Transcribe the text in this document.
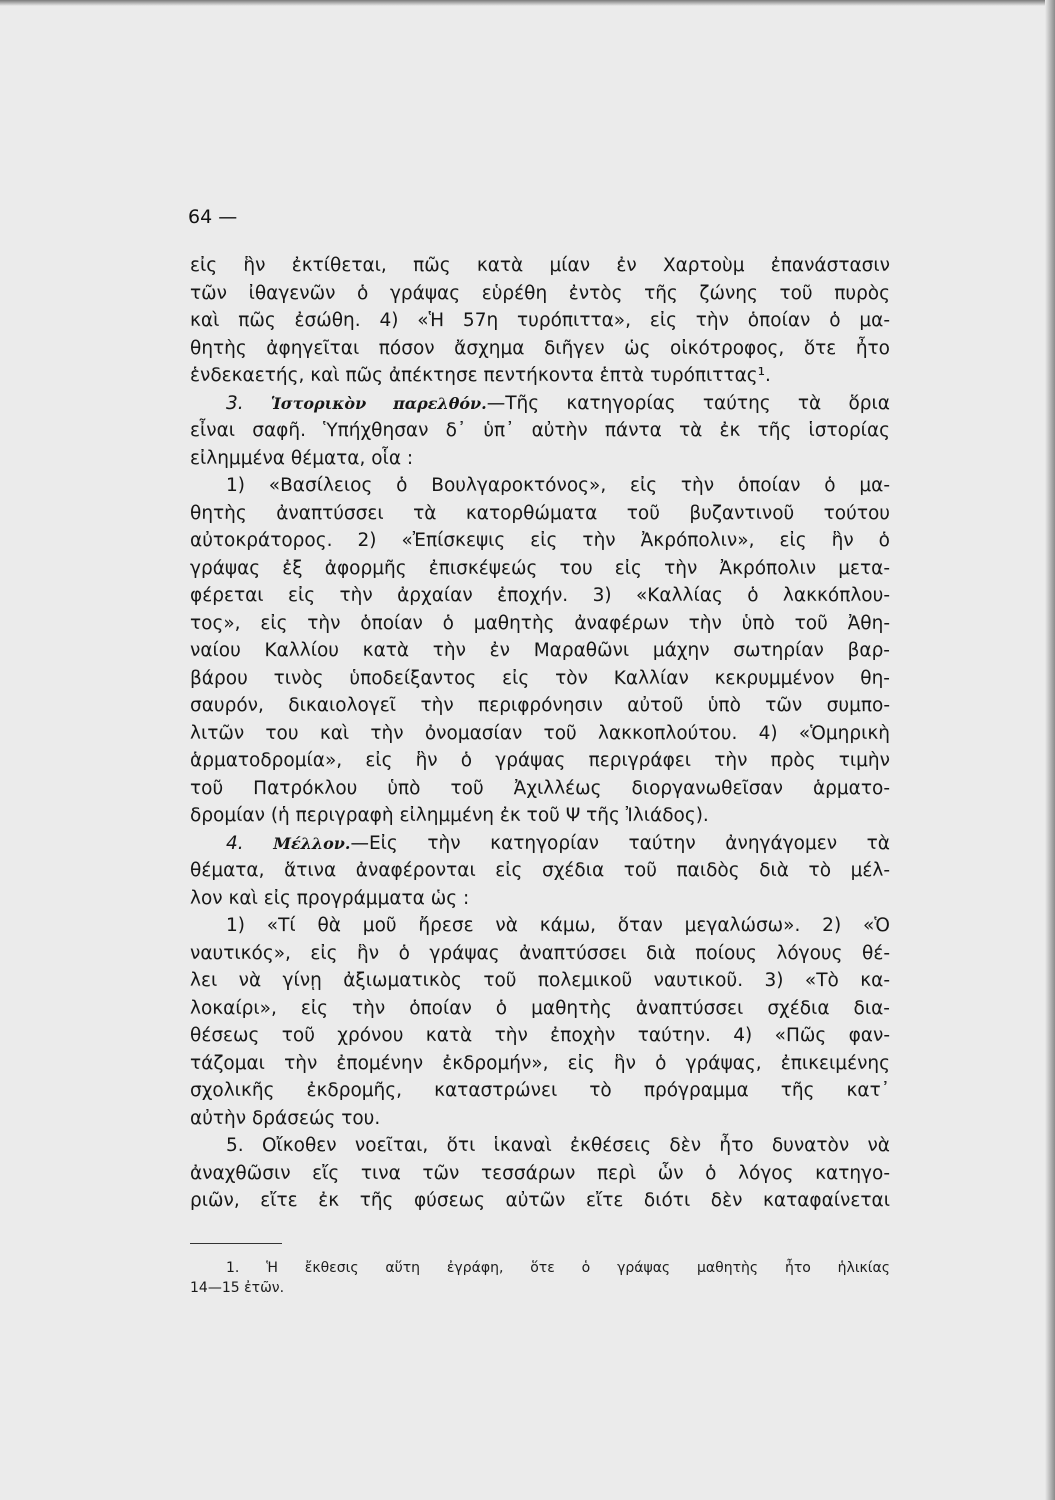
64 —
εἰς ἣν ἐκτίθεται, πῶς κατὰ μίαν ἐν Χαρτοὺμ ἐπανάστασιν
τῶν ἰθαγενῶν ὁ γράψας εὑρέθη ἐντὸς τῆς ζώνης τοῦ πυρὸς
καὶ πῶς ἐσώθη. 4) «Ἡ 57η τυρόπιττα», εἰς τὴν ὁποίαν ὁ μα-
θητὴς ἀφηγεῖται πόσον ἄσχημα διῆγεν ὡς οἰκότροφος, ὅτε ἦτο
ἑνδεκαετής, καὶ πῶς ἀπέκτησε πεντήκοντα ἑπτὰ τυρόπιττας¹.
3. Ἱστορικὸν παρελθόν.—Τῆς κατηγορίας ταύτης τὰ ὅρια
εἶναι σαφῆ. Ὑπήχθησαν δ᾽ ὑπ᾽ αὐτὴν πάντα τὰ ἐκ τῆς ἱστορίας
εἰλημμένα θέματα, οἷα :
1) «Βασίλειος ὁ Βουλγαροκτόνος», εἰς τὴν ὁποίαν ὁ μα-
θητὴς ἀναπτύσσει τὰ κατορθώματα τοῦ βυζαντινοῦ τούτου
αὐτοκράτορος. 2) «Ἐπίσκεψις εἰς τὴν Ἀκρόπολιν», εἰς ἣν ὁ
γράψας ἐξ ἀφορμῆς ἐπισκέψεώς του εἰς τὴν Ἀκρόπολιν μετα-
φέρεται εἰς τὴν ἀρχαίαν ἐποχήν. 3) «Καλλίας ὁ λακκόπλου-
τος», εἰς τὴν ὁποίαν ὁ μαθητὴς ἀναφέρων τὴν ὑπὸ τοῦ Ἀθη-
ναίου Καλλίου κατὰ τὴν ἐν Μαραθῶνι μάχην σωτηρίαν βαρ-
βάρου τινὸς ὑποδείξαντος εἰς τὸν Καλλίαν κεκρυμμένον θη-
σαυρόν, δικαιολογεῖ τὴν περιφρόνησιν αὐτοῦ ὑπὸ τῶν συμπο-
λιτῶν του καὶ τὴν ὀνομασίαν τοῦ λακκοπλούτου. 4) «Ὁμηρικὴ
ἁρματοδρομία», εἰς ἣν ὁ γράψας περιγράφει τὴν πρὸς τιμὴν
τοῦ Πατρόκλου ὑπὸ τοῦ Ἀχιλλέως διοργανωθεῖσαν ἁρματο-
δρομίαν (ἡ περιγραφὴ εἰλημμένη ἐκ τοῦ Ψ τῆς Ἰλιάδος).
4. Μέλλον.—Εἰς τὴν κατηγορίαν ταύτην ἀνηγάγομεν τὰ
θέματα, ἅτινα ἀναφέρονται εἰς σχέδια τοῦ παιδὸς διὰ τὸ μέλ-
λον καὶ εἰς προγράμματα ὡς :
1) «Τί θὰ μοῦ ἤρεσε νὰ κάμω, ὅταν μεγαλώσω». 2) «Ὁ
ναυτικός», εἰς ἣν ὁ γράψας ἀναπτύσσει διὰ ποίους λόγους θέ-
λει νὰ γίνῃ ἀξιωματικὸς τοῦ πολεμικοῦ ναυτικοῦ. 3) «Τὸ κα-
λοκαίρι», εἰς τὴν ὁποίαν ὁ μαθητὴς ἀναπτύσσει σχέδια δια-
θέσεως τοῦ χρόνου κατὰ τὴν ἐποχὴν ταύτην. 4) «Πῶς φαν-
τάζομαι τὴν ἐπομένην ἐκδρομήν», εἰς ἣν ὁ γράψας, ἐπικειμένης
σχολικῆς ἐκδρομῆς, καταστρώνει τὸ πρόγραμμα τῆς κατ᾽
αὐτὴν δράσεώς του.
5. Οἴκοθεν νοεῖται, ὅτι ἱκαναὶ ἐκθέσεις δὲν ἦτο δυνατὸν νὰ
ἀναχθῶσιν εἴς τινα τῶν τεσσάρων περὶ ὧν ὁ λόγος κατηγο-
ριῶν, εἴτε ἐκ τῆς φύσεως αὐτῶν εἴτε διότι δὲν καταφαίνεται
1. Ἡ ἔκθεσις αὕτη ἐγράφη, ὅτε ὁ γράψας μαθητὴς ἦτο ἡλικίας
14—15 ἐτῶν.
